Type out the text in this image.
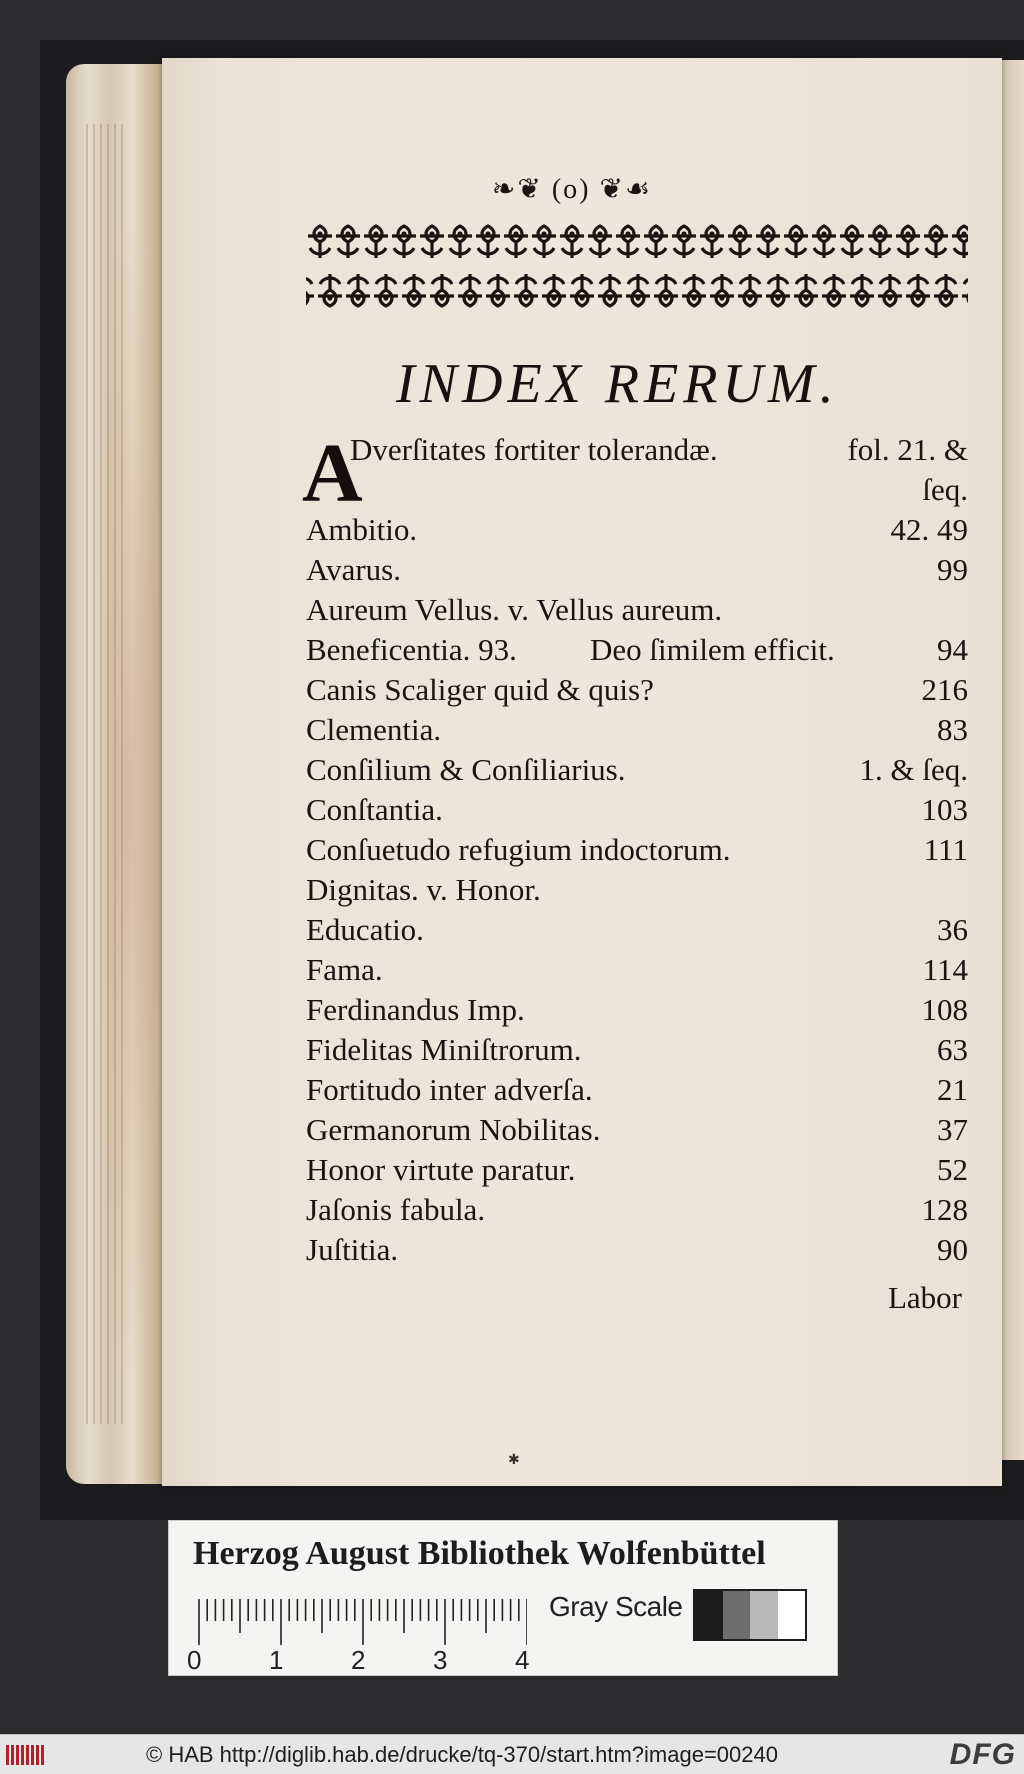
❧❦ (o) ❦☙
INDEX RERUM.
A
Dverſitates fortiter tolerandæ.	fol. 21. &
ſeq.
Ambitio.	42. 49
Avarus.	99
Aureum Vellus. v. Vellus aureum.
Beneficentia. 93. Deo ſimilem efficit.	94
Canis Scaliger quid & quis?	216
Clementia.	83
Conſilium & Conſiliarius.	1. & ſeq.
Conſtantia.	103
Conſuetudo refugium indoctorum.	111
Dignitas. v. Honor.
Educatio.	36
Fama.	114
Ferdinandus Imp.	108
Fidelitas Miniſtrorum.	63
Fortitudo inter adverſa.	21
Germanorum Nobilitas.	37
Honor virtute paratur.	52
Jaſonis fabula.	128
Juſtitia.	90
Labor
✱
Herzog August Bibliothek Wolfenbüttel
0	1	2	3	4
Gray Scale
© HAB http://diglib.hab.de/drucke/tq-370/start.htm?image=00240	DFG
